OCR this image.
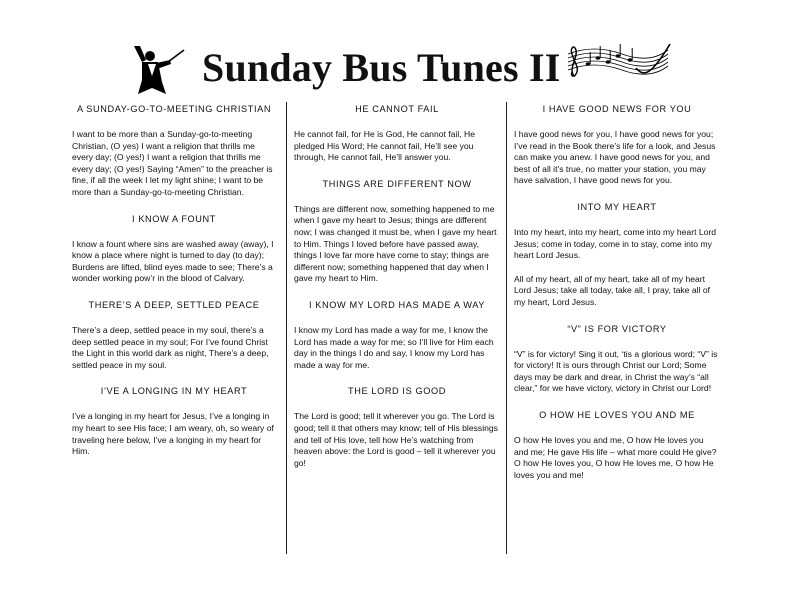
Sunday Bus Tunes II
A SUNDAY-GO-TO-MEETING CHRISTIAN

I want to be more than a Sunday-go-to-meeting Christian, (O yes) I want a religion that thrills me every day; (O yes!) I want a religion that thrills me every day; (O yes!) Saying “Amen” to the preacher is fine, if all the week I let my light shine; I want to be more than a Sunday-go-to-meeting Christian.

I KNOW A FOUNT

I know a fount where sins are washed away (away), I know a place where night is turned to day (to day); Burdens are lifted, blind eyes made to see; There’s a wonder working pow’r in the blood of Calvary.

THERE’S A DEEP, SETTLED PEACE

There’s a deep, settled peace in my soul, there’s a deep settled peace in my soul; For I’ve found Christ the Light in this world dark as night, There’s a deep, settled peace in my soul.

I’VE A LONGING IN MY HEART

I’ve a longing in my heart for Jesus, I’ve a longing in my heart to see His face; I am weary, oh, so weary of traveling here below, I’ve a longing in my heart for Him.

HE CANNOT FAIL

He cannot fail, for He is God, He cannot fail, He pledged His Word; He cannot fail, He’ll see you through, He cannot fail, He’ll answer you.

THINGS ARE DIFFERENT NOW

Things are different now, something happened to me when I gave my heart to Jesus; things are different now; I was changed it must be, when I gave my heart to Him. Things I loved before have passed away, things I love far more have come to stay; things are different now; something happened that day when I gave my heart to Him.

I KNOW MY LORD HAS MADE A WAY

I know my Lord has made a way for me, I know the Lord has made a way for me; so I’ll live for Him each day in the things I do and say, I know my Lord has made a way for me.

THE LORD IS GOOD

The Lord is good; tell it wherever you go. The Lord is good; tell it that others may know; tell of His blessings and tell of His love, tell how He’s watching from heaven above: the Lord is good – tell it wherever you go!

I HAVE GOOD NEWS FOR YOU

I have good news for you, I have good news for you; I’ve read in the Book there’s life for a look, and Jesus can make you anew. I have good news for you, and best of all it’s true, no matter your station, you may have salvation, I have good news for you.

INTO MY HEART

Into my heart, into my heart, come into my heart Lord Jesus; come in today, come in to stay, come into my heart Lord Jesus.

All of my heart, all of my heart, take all of my heart Lord Jesus; take all today, take all, I pray, take all of my heart, Lord Jesus.

“V” IS FOR VICTORY

“V” is for victory! Sing it out, ‘tis a glorious word; “V” is for victory! It is ours through Christ our Lord; Some days may be dark and drear, in Christ the way’s “all clear,” for we have victory, victory in Christ our Lord!

O HOW HE LOVES YOU AND ME

O how He loves you and me, O how He loves you and me; He gave His life – what more could He give? O how He loves you, O how He loves me, O how He loves you and me!
